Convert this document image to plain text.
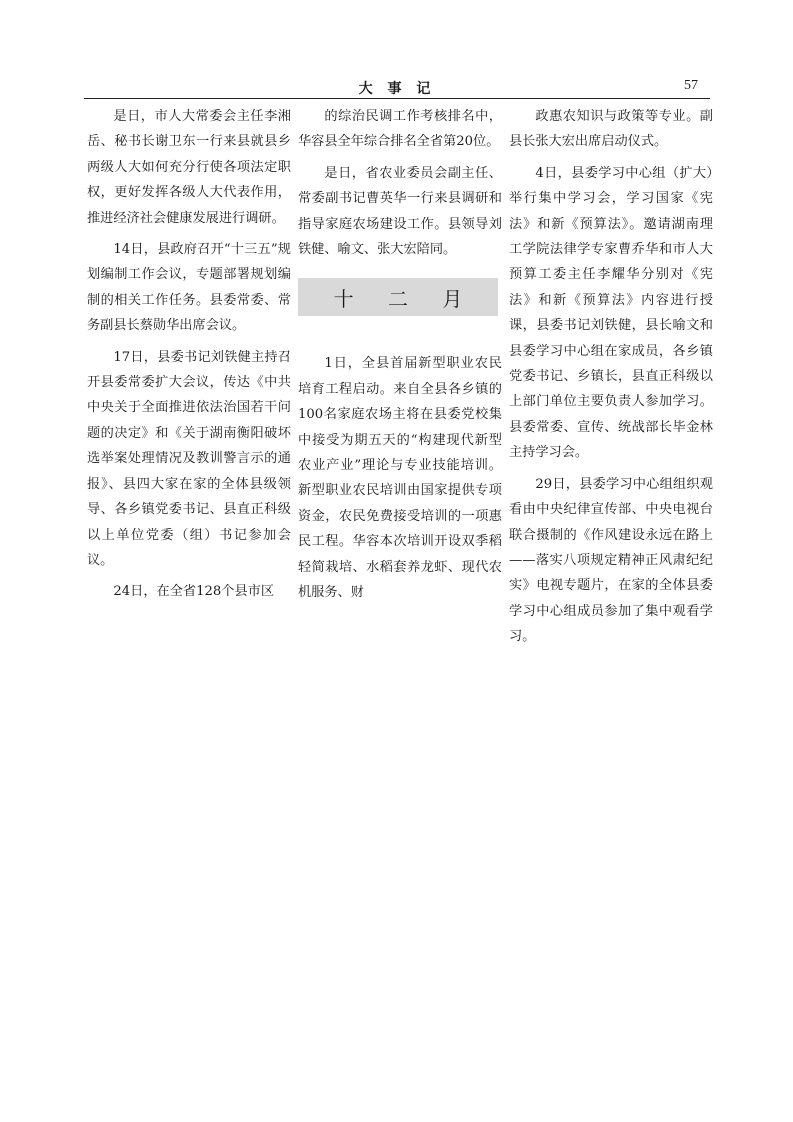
大 事 记	57

是日，市人大常委会主任李湘岳、秘书长谢卫东一行来县就县乡两级人大如何充分行使各项法定职权，更好发挥各级人大代表作用，推进经济社会健康发展进行调研。

14日，县政府召开“十三五”规划编制工作会议，专题部署规划编制的相关工作任务。县委常委、常务副县长蔡勋华出席会议。

17日，县委书记刘铁健主持召开县委常委扩大会议，传达《中共中央关于全面推进依法治国若干问题的决定》和《关于湖南衡阳破坏选举案处理情况及教训警言示的通报》、县四大家在家的全体县级领导、各乡镇党委书记、县直正科级以上单位党委（组）书记参加会议。

24日，在全省128个县市区

的综治民调工作考核排名中，华容县全年综合排名全省第20位。

是日，省农业委员会副主任、常委副书记曹英华一行来县调研和指导家庭农场建设工作。县领导刘铁健、喻文、张大宏陪同。

十 二 月

1日，全县首届新型职业农民培育工程启动。来自全县各乡镇的100名家庭农场主将在县委党校集中接受为期五天的“构建现代新型农业产业”理论与专业技能培训。新型职业农民培训由国家提供专项资金，农民免费接受培训的一项惠民工程。华容本次培训开设双季稻轻简栽培、水稻套养龙虾、现代农机服务、财

政惠农知识与政策等专业。副县长张大宏出席启动仪式。

4日，县委学习中心组（扩大）举行集中学习会，学习国家《宪法》和新《预算法》。邀请湖南理工学院法律学专家曹乔华和市人大预算工委主任李耀华分别对《宪法》和新《预算法》内容进行授课，县委书记刘铁健，县长喻文和县委学习中心组在家成员，各乡镇党委书记、乡镇长，县直正科级以上部门单位主要负责人参加学习。县委常委、宣传、统战部长毕金林主持学习会。

29日，县委学习中心组组织观看由中央纪律宣传部、中央电视台联合摄制的《作风建设永远在路上——落实八项规定精神正风肃纪纪实》电视专题片，在家的全体县委学习中心组成员参加了集中观看学习。
